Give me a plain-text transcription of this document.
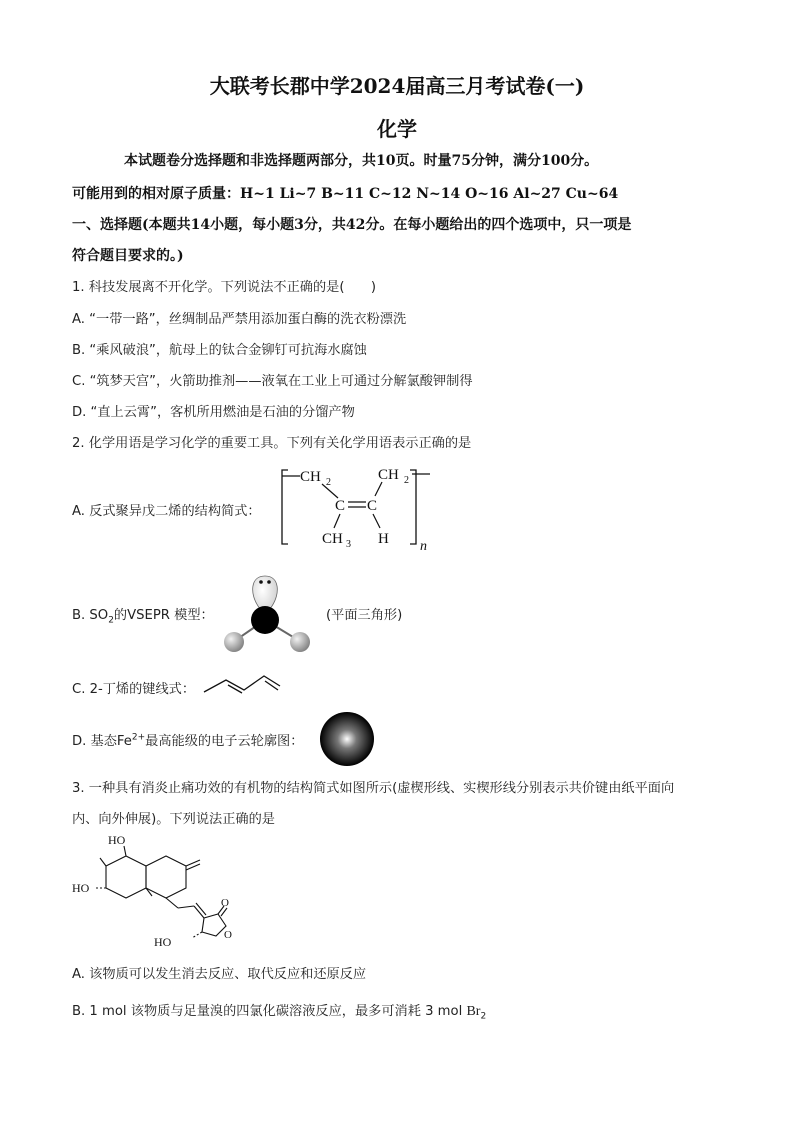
大联考长郡中学2024届高三月考试卷(一)
化学
本试题卷分选择题和非选择题两部分，共10页。时量75分钟，满分100分。
可能用到的相对原子质量：H~1 Li~7 B~11 C~12 N~14 O~16 Al~27 Cu~64
一、选择题(本题共14小题，每小题3分，共42分。在每小题给出的四个选项中，只一项是
符合题目要求的。)
1. 科技发展离不开化学。下列说法不正确的是(　　)
A. “一带一路”，丝绸制品严禁用添加蛋白酶的洗衣粉漂洗
B. “乘风破浪”，航母上的钛合金铆钉可抗海水腐蚀
C. “筑梦天宫”，火箭助推剂——液氧在工业上可通过分解氯酸钾制得
D. “直上云霄”，客机所用燃油是石油的分馏产物
2. 化学用语是学习化学的重要工具。下列有关化学用语表示正确的是
A. 反式聚异戊二烯的结构简式：
CH 2
C C
CH 2
CH 3 H n
B. $SO_2$的VSEPR 模型：	(平面三角形)
C. 2-丁烯的键线式：
D. 基态$Fe^{2+}$最高能级的电子云轮廓图：
3. 一种具有消炎止痛功效的有机物的结构简式如图所示(虚楔形线、实楔形线分别表示共价键由纸平面向
内、向外伸展)。下列说法正确的是
HO
HO
HO
O
O
A. 该物质可以发生消去反应、取代反应和还原反应
B. 1 mol 该物质与足量溴的四氯化碳溶液反应，最多可消耗 3 mol $Br_2$
